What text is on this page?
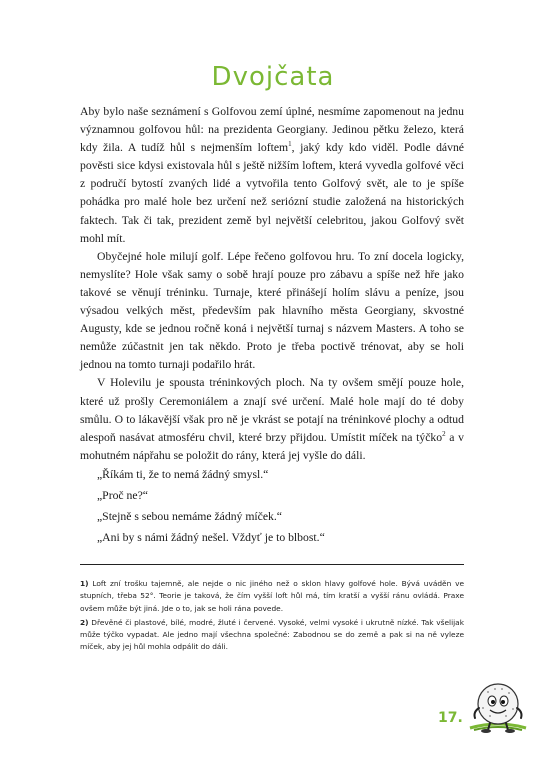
Dvojčata

Aby bylo naše seznámení s Golfovou zemí úplné, nesmíme zapomenout na jednu významnou golfovou hůl: na prezidenta Georgiany. Jedinou pětku železo, která kdy žila. A tudíž hůl s nejmenším loftem$^1$, jaký kdy kdo viděl. Podle dávné pověsti sice kdysi existovala hůl s ještě nižším loftem, která vyvedla golfové věci z područí bytostí zvaných lidé a vytvořila tento Golfový svět, ale to je spíše pohádka pro malé hole bez určení než seriózní studie založená na historických faktech. Tak či tak, prezident země byl největší celebritou, jakou Golfový svět mohl mít.

Obyčejné hole milují golf. Lépe řečeno golfovou hru. To zní docela logicky, nemyslíte? Hole však samy o sobě hrají pouze pro zábavu a spíše než hře jako takové se věnují tréninku. Turnaje, které přinášejí holím slávu a peníze, jsou výsadou velkých měst, především pak hlavního města Georgiany, skvostné Augusty, kde se jednou ročně koná i největší turnaj s názvem Masters. A toho se nemůže zúčastnit jen tak někdo. Proto je třeba poctivě trénovat, aby se holi jednou na tomto turnaji podařilo hrát.

V Holevilu je spousta tréninkových ploch. Na ty ovšem smějí pouze hole, které už prošly Ceremoniálem a znají své určení. Malé hole mají do té doby smůlu. O to lákavější však pro ně je vkrást se potají na tréninkové plochy a odtud alespoň nasávat atmosféru chvil, které brzy přijdou. Umístit míček na týčko$^2$ a v mohutném nápřahu se položit do rány, která jej vyšle do dáli.

„Říkám ti, že to nemá žádný smysl.“

„Proč ne?“

„Stejně s sebou nemáme žádný míček.“

„Ani by s námi žádný nešel. Vždyť je to blbost.“

1) Loft zní trošku tajemně, ale nejde o nic jiného než o sklon hlavy golfové hole. Bývá uváděn ve stupních, třeba 52°. Teorie je taková, že čím vyšší loft hůl má, tím kratší a vyšší ránu ovládá. Praxe ovšem může být jiná. Jde o to, jak se holi rána povede.

2) Dřevěné či plastové, bílé, modré, žluté i červené. Vysoké, velmi vysoké i ukrutně nízké. Tak všelijak může týčko vypadat. Ale jedno mají všechna společné: Zabodnou se do země a pak si na ně vyleze míček, aby jej hůl mohla odpálit do dáli.

17.
